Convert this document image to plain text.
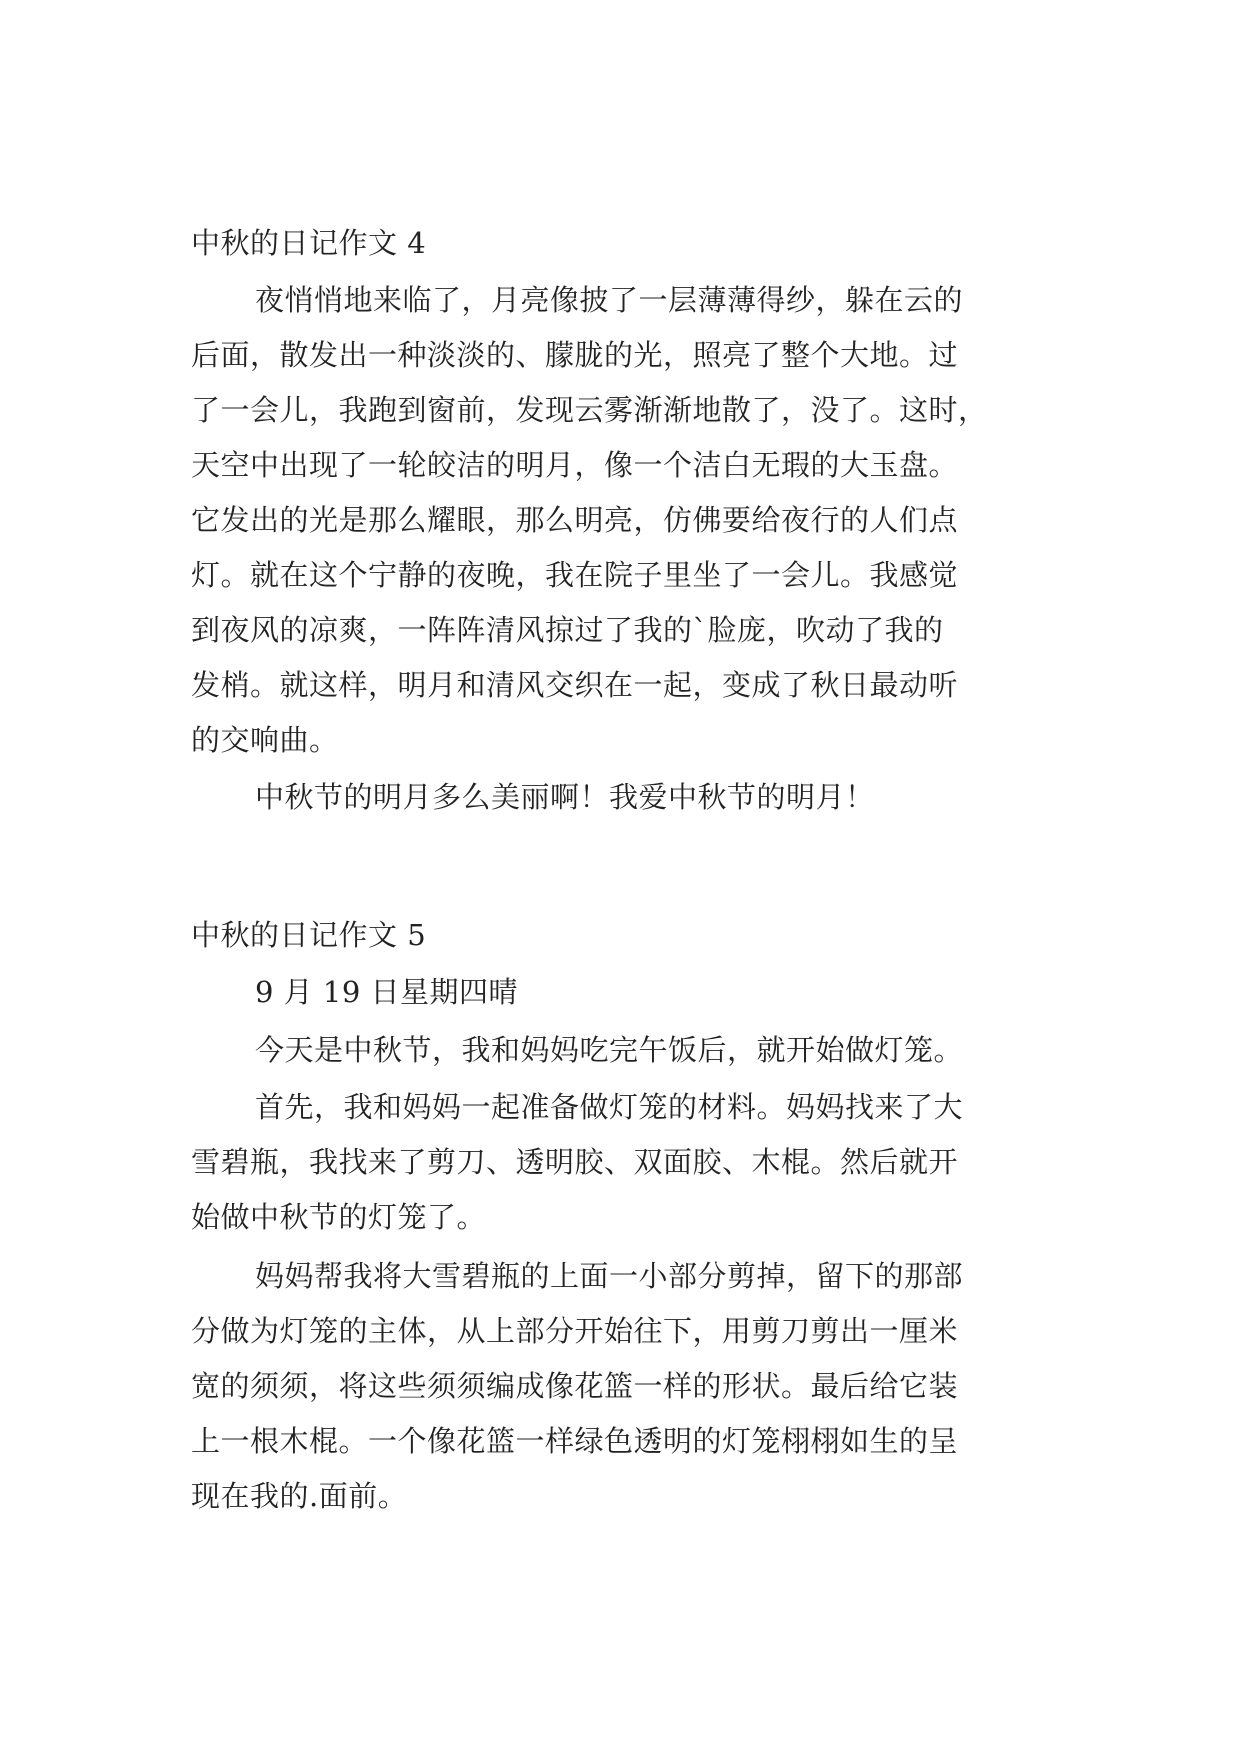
中秋的日记作文 4
夜悄悄地来临了，月亮像披了一层薄薄得纱，躲在云的
后面，散发出一种淡淡的、朦胧的光，照亮了整个大地。过
了一会儿，我跑到窗前，发现云雾渐渐地散了，没了。这时，
天空中出现了一轮皎洁的明月，像一个洁白无瑕的大玉盘。
它发出的光是那么耀眼，那么明亮，仿佛要给夜行的人们点
灯。就在这个宁静的夜晚，我在院子里坐了一会儿。我感觉
到夜风的凉爽，一阵阵清风掠过了我的`脸庞，吹动了我的
发梢。就这样，明月和清风交织在一起，变成了秋日最动听
的交响曲。
中秋节的明月多么美丽啊！我爱中秋节的明月！
中秋的日记作文 5
9 月 19 日星期四晴
今天是中秋节，我和妈妈吃完午饭后，就开始做灯笼。
首先，我和妈妈一起准备做灯笼的材料。妈妈找来了大
雪碧瓶，我找来了剪刀、透明胶、双面胶、木棍。然后就开
始做中秋节的灯笼了。
妈妈帮我将大雪碧瓶的上面一小部分剪掉，留下的那部
分做为灯笼的主体，从上部分开始往下，用剪刀剪出一厘米
宽的须须，将这些须须编成像花篮一样的形状。最后给它装
上一根木棍。一个像花篮一样绿色透明的灯笼栩栩如生的呈
现在我的.面前。
